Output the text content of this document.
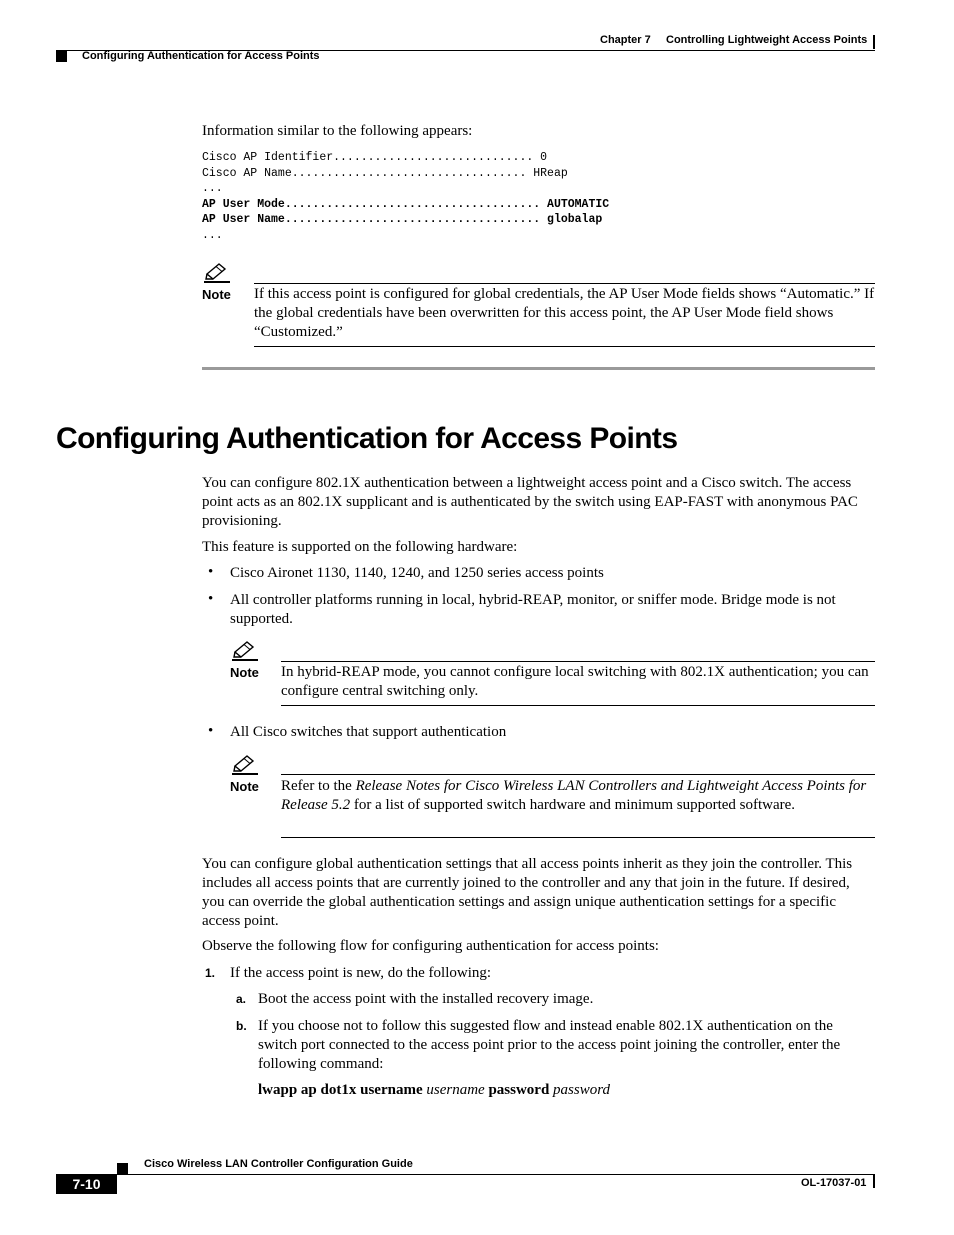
Chapter 7 Controlling Lightweight Access Points
Configuring Authentication for Access Points
Information similar to the following appears:
Cisco AP Identifier............................. 0
Cisco AP Name.................................. HReap
...
AP User Mode..................................... AUTOMATIC
AP User Name..................................... globalap
...
Note If this access point is configured for global credentials, the AP User Mode fields shows “Automatic.” If the global credentials have been overwritten for this access point, the AP User Mode field shows “Customized.”
Configuring Authentication for Access Points
You can configure 802.1X authentication between a lightweight access point and a Cisco switch. The access point acts as an 802.1X supplicant and is authenticated by the switch using EAP-FAST with anonymous PAC provisioning.
This feature is supported on the following hardware:
• Cisco Aironet 1130, 1140, 1240, and 1250 series access points
• All controller platforms running in local, hybrid-REAP, monitor, or sniffer mode. Bridge mode is not supported.
Note In hybrid-REAP mode, you cannot configure local switching with 802.1X authentication; you can configure central switching only.
• All Cisco switches that support authentication
Note Refer to the Release Notes for Cisco Wireless LAN Controllers and Lightweight Access Points for Release 5.2 for a list of supported switch hardware and minimum supported software.
You can configure global authentication settings that all access points inherit as they join the controller. This includes all access points that are currently joined to the controller and any that join in the future. If desired, you can override the global authentication settings and assign unique authentication settings for a specific access point.
Observe the following flow for configuring authentication for access points:
1. If the access point is new, do the following:
a. Boot the access point with the installed recovery image.
b. If you choose not to follow this suggested flow and instead enable 802.1X authentication on the switch port connected to the access point prior to the access point joining the controller, enter the following command:
lwapp ap dot1x username username password password
Cisco Wireless LAN Controller Configuration Guide
7-10	OL-17037-01
